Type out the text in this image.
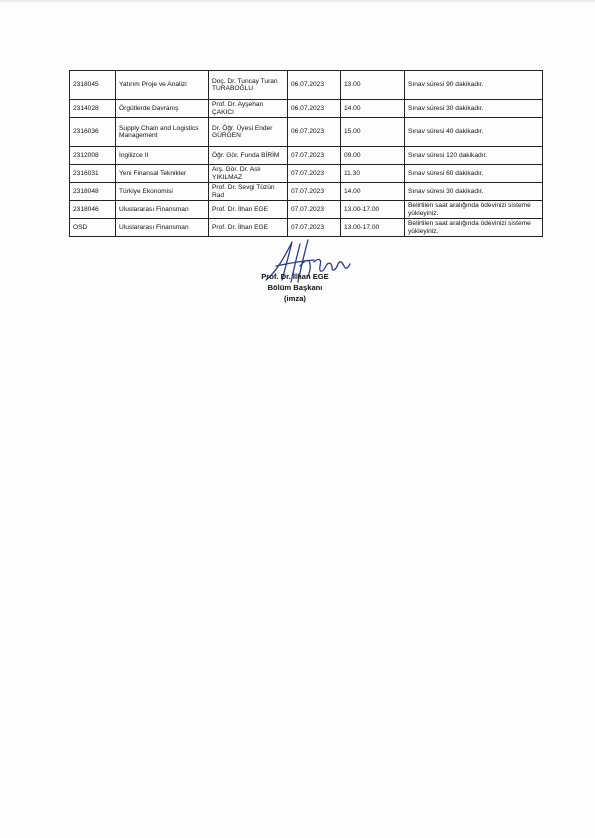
2318045	Yatırım Proje ve Analizi	Doç. Dr. Tuncay Turan TURABOĞLU	06.07.2023	13.00	Sınav süresi 90 dakikadır.
2314028	Örgütlerde Davranış	Prof. Dr. Ayşehan ÇAKICI	06.07.2023	14.00	Sınav süresi 30 dakikadır.
2316036	Supply Chain and Logistics Management	Dr. Öğr. Üyesi Ender GÜRGEN	06.07.2023	15.00	Sınav süresi 40 dakikadır.
2312008	İngilizce II	Öğr. Gör. Funda BİRİM	07.07.2023	09.00	Sınav süresi 120 dakikadır.
2316031	Yeni Finansal Teknikler	Arş. Gör. Dr. Aslı YIKILMAZ	07.07.2023	11.30	Sınav süresi 60 dakikadır.
2318048	Türkiye Ekonomisi	Prof. Dr. Sevgi Tüzün Rad	07.07.2023	14.00	Sınav süresi 30 dakikadır.
2318046	Uluslararası Finansman	Prof. Dr. İlhan EGE	07.07.2023	13.00-17.00	Belirtilen saat aralığında ödevinizi sisteme yükleyiniz.
OSD	Uluslararası Finansman	Prof. Dr. İlhan EGE	07.07.2023	13.00-17.00	Belirtilen saat aralığında ödevinizi sisteme yükleyiniz.
Prof. Dr. İlhan EGE
Bölüm Başkanı
(imza)
